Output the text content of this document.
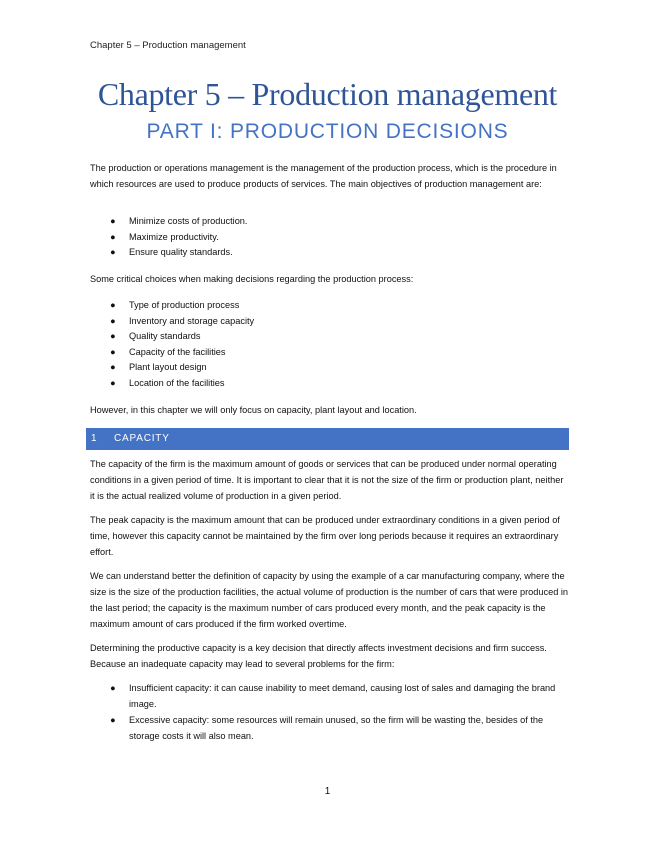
Chapter 5 – Production management
Chapter 5 – Production management
PART I: PRODUCTION DECISIONS

The production or operations management is the management of the production process, which is the procedure in which resources are used to produce products of services. The main objectives of production management are:

● Minimize costs of production.
● Maximize productivity.
● Ensure quality standards.

Some critical choices when making decisions regarding the production process:

● Type of production process
● Inventory and storage capacity
● Quality standards
● Capacity of the facilities
● Plant layout design
● Location of the facilities

However, in this chapter we will only focus on capacity, plant layout and location.

1 CAPACITY

The capacity of the firm is the maximum amount of goods or services that can be produced under normal operating conditions in a given period of time. It is important to clear that it is not the size of the firm or production plant, neither it is the actual realized volume of production in a given period.

The peak capacity is the maximum amount that can be produced under extraordinary conditions in a given period of time, however this capacity cannot be maintained by the firm over long periods because it requires an extraordinary effort.

We can understand better the definition of capacity by using the example of a car manufacturing company, where the size is the size of the production facilities, the actual volume of production is the number of cars that were produced in the last period; the capacity is the maximum number of cars produced every month, and the peak capacity is the maximum amount of cars produced if the firm worked overtime.

Determining the productive capacity is a key decision that directly affects investment decisions and firm success. Because an inadequate capacity may lead to several problems for the firm:

● Insufficient capacity: it can cause inability to meet demand, causing lost of sales and damaging the brand image.
● Excessive capacity: some resources will remain unused, so the firm will be wasting the, besides of the storage costs it will also mean.
1
